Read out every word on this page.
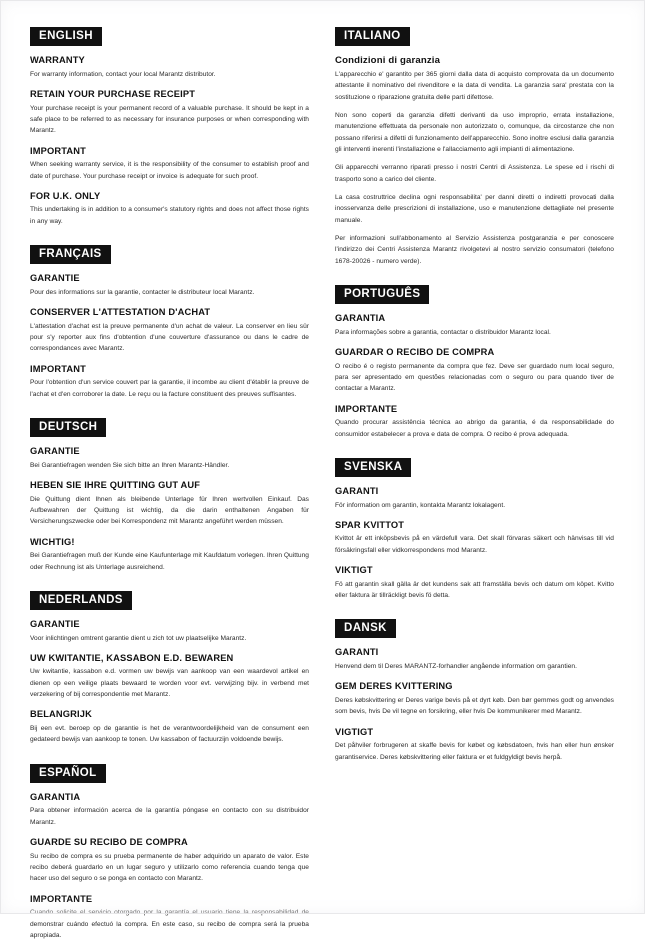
ENGLISH
WARRANTY

For warranty information, contact your local Marantz distributor.

RETAIN YOUR PURCHASE RECEIPT

Your purchase receipt is your permanent record of a valuable purchase. It should be kept in a safe place to be referred to as necessary for insurance purposes or when corresponding with Marantz.

IMPORTANT

When seeking warranty service, it is the responsibility of the consumer to establish proof and date of purchase. Your purchase receipt or invoice is adequate for such proof.

FOR U.K. ONLY

This undertaking is in addition to a consumer's statutory rights and does not affect those rights in any way.

FRANÇAIS
GARANTIE

Pour des informations sur la garantie, contacter le distributeur local Marantz.

CONSERVER L'ATTESTATION D'ACHAT

L'attestation d'achat est la preuve permanente d'un achat de valeur. La conserver en lieu sûr pour s'y reporter aux fins d'obtention d'une couverture d'assurance ou dans le cadre de correspondances avec Marantz.

IMPORTANT

Pour l'obtention d'un service couvert par la garantie, il incombe au client d'établir la preuve de l'achat et d'en corroborer la date. Le reçu ou la facture constituent des preuves suffisantes.

DEUTSCH
GARANTIE

Bei Garantiefragen wenden Sie sich bitte an Ihren Marantz-Händler.

HEBEN SIE IHRE QUITTING GUT AUF

Die Quittung dient Ihnen als bleibende Unterlage für Ihren wertvollen Einkauf. Das Aufbewahren der Quittung ist wichtig, da die darin enthaltenen Angaben für Versicherungszwecke oder bei Korrespondenz mit Marantz angeführt werden müssen.

WICHTIG!

Bei Garantiefragen muß der Kunde eine Kaufunterlage mit Kaufdatum vorlegen. Ihren Quittung oder Rechnung ist als Unterlage ausreichend.

NEDERLANDS
GARANTIE

Voor inlichtingen omtrent garantie dient u zich tot uw plaatselijke Marantz.

UW KWITANTIE, KASSABON E.D. BEWAREN

Uw kwitantie, kassabon e.d. vormen uw bewijs van aankoop van een waardevol artikel en dienen op een veilige plaats bewaard te worden voor evt. verwijzing bijv. in verbend met verzekering of bij correspondentie met Marantz.

BELANGRIJK

Bij een evt. beroep op de garantie is het de verantwoordelijkheid van de consument een gedateerd bewijs van aankoop te tonen. Uw kassabon of factuurzijn voldoende bewijs.

ESPAÑOL
GARANTIA

Para obtener información acerca de la garantía póngase en contacto con su distribuidor Marantz.

GUARDE SU RECIBO DE COMPRA

Su recibo de compra es su prueba permanente de haber adquirido un aparato de valor. Este recibo deberá guardarlo en un lugar seguro y utilizarlo como referencia cuando tenga que hacer uso del seguro o se ponga en contacto con Marantz.

IMPORTANTE

Cuando solicite el servicio otorgado por la garantía el usuario tiene la responsabilidad de demonstrar cuándo efectuó la compra. En este caso, su recibo de compra será la prueba apropiada.

ITALIANO
Condizioni di garanzia

L'apparecchio e' garantito per 365 giorni dalla data di acquisto comprovata da un documento attestante il nominativo del rivenditore e la data di vendita. La garanzia sara' prestata con la sostituzione o riparazione gratuita delle parti difettose.

Non sono coperti da garanzia difetti derivanti da uso improprio, errata installazione, manutenzione effettuata da personale non autorizzato o, comunque, da circostanze che non possano riferirsi a difetti di funzionamento dell'apparecchio. Sono inoltre esclusi dalla garanzia gli interventi inerenti l'installazione e l'allacciamento agli impianti di alimentazione.

Gli apparecchi verranno riparati presso i nostri Centri di Assistenza. Le spese ed i rischi di trasporto sono a carico del cliente.

La casa costruttrice declina ogni responsabilita' per danni diretti o indiretti provocati dalla inosservanza delle prescrizioni di installazione, uso e manutenzione dettagliate nel presente manuale.

Per informazioni sull'abbonamento al Servizio Assistenza postgaranzia e per conoscere l'indirizzo dei Centri Assistenza Marantz rivolgetevi al nostro servizio consumatori (telefono 1678-20026 - numero verde).

PORTUGUÊS
GARANTIA

Para informações sobre a garantia, contactar o distribuidor Marantz local.

GUARDAR O RECIBO DE COMPRA

O recibo é o registo permanente da compra que fez. Deve ser guardado num local seguro, para ser apresentado em questões relacionadas com o seguro ou para quando tiver de contactar a Marantz.

IMPORTANTE

Quando procurar assistência técnica ao abrigo da garantia, é da responsabilidade do consumidor estabelecer a prova e data de compra. O recibo é prova adequada.

SVENSKA
GARANTI

För information om garantin, kontakta Marantz lokalagent.

SPAR KVITTOT

Kvittot är ett inköpsbevis på en värdefull vara. Det skall förvaras säkert och hänvisas till vid försäkringsfall eller vidkorrespondens mod Marantz.

VIKTIGT

Fö att garantin skall gälla är det kundens sak att framställa bevis och datum om köpet. Kvitto eller faktura är tillräckligt bevis fö detta.

DANSK
GARANTI

Henvend dem til Deres MARANTZ-forhandler angåendе information om garantien.

GEM DERES KVITTERING

Deres købskvittering er Deres varige bevis på et dyrt køb. Den bør gemmes godt og anvendes som bevis, hvis De vil tegne en forsikring, eller hvis De kommunikerer med Marantz.

VIGTIGT

Det påhviler forbrugeren at skaffe bevis for købet og købsdatoen, hvis han eller hun ønsker garantiservice. Deres købskvittering eller faktura er et fuldgyldigt bevis herpå.
